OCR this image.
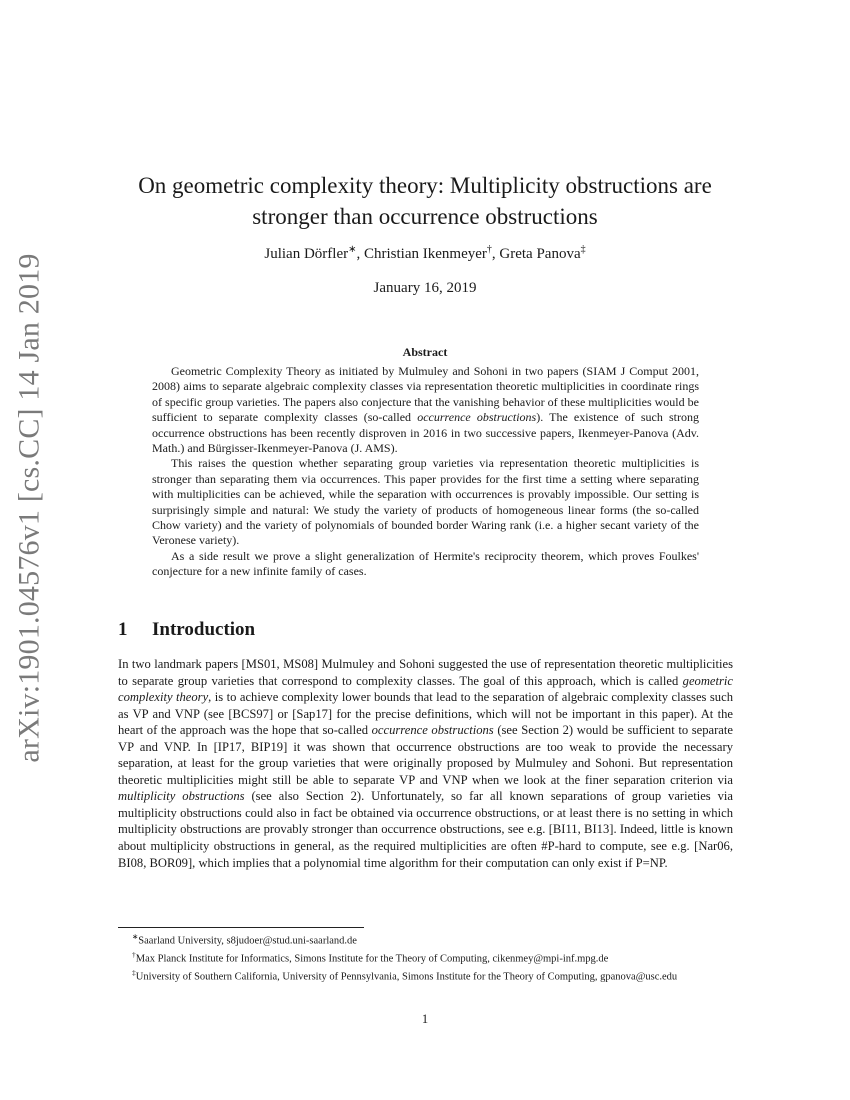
arXiv:1901.04576v1 [cs.CC] 14 Jan 2019
On geometric complexity theory: Multiplicity obstructions are
stronger than occurrence obstructions
Julian Dörfler∗, Christian Ikenmeyer†, Greta Panova‡
January 16, 2019
Abstract

Geometric Complexity Theory as initiated by Mulmuley and Sohoni in two papers (SIAM J Comput 2001, 2008) aims to separate algebraic complexity classes via representation theoretic multiplicities in coordinate rings of specific group varieties. The papers also conjecture that the vanishing behavior of these multiplicities would be sufficient to separate complexity classes (so-called occurrence obstructions). The existence of such strong occurrence obstructions has been recently disproven in 2016 in two successive papers, Ikenmeyer-Panova (Adv. Math.) and Bürgisser-Ikenmeyer-Panova (J. AMS).

This raises the question whether separating group varieties via representation theoretic multiplicities is stronger than separating them via occurrences. This paper provides for the first time a setting where separating with multiplicities can be achieved, while the separation with occurrences is provably impossible. Our setting is surprisingly simple and natural: We study the variety of products of homogeneous linear forms (the so-called Chow variety) and the variety of polynomials of bounded border Waring rank (i.e. a higher secant variety of the Veronese variety).

As a side result we prove a slight generalization of Hermite's reciprocity theorem, which proves Foulkes' conjecture for a new infinite family of cases.

1 Introduction

In two landmark papers [MS01, MS08] Mulmuley and Sohoni suggested the use of representation theoretic multiplicities to separate group varieties that correspond to complexity classes. The goal of this approach, which is called geometric complexity theory, is to achieve complexity lower bounds that lead to the separation of algebraic complexity classes such as VP and VNP (see [BCS97] or [Sap17] for the precise definitions, which will not be important in this paper). At the heart of the approach was the hope that so-called occurrence obstructions (see Section 2) would be sufficient to separate VP and VNP. In [IP17, BIP19] it was shown that occurrence obstructions are too weak to provide the necessary separation, at least for the group varieties that were originally proposed by Mulmuley and Sohoni. But representation theoretic multiplicities might still be able to separate VP and VNP when we look at the finer separation criterion via multiplicity obstructions (see also Section 2). Unfortunately, so far all known separations of group varieties via multiplicity obstructions could also in fact be obtained via occurrence obstructions, or at least there is no setting in which multiplicity obstructions are provably stronger than occurrence obstructions, see e.g. [BI11, BI13]. Indeed, little is known about multiplicity obstructions in general, as the required multiplicities are often #P-hard to compute, see e.g. [Nar06, BI08, BOR09], which implies that a polynomial time algorithm for their computation can only exist if P=NP.

∗Saarland University, s8judoer@stud.uni-saarland.de

†Max Planck Institute for Informatics, Simons Institute for the Theory of Computing, cikenmey@mpi-inf.mpg.de

‡University of Southern California, University of Pennsylvania, Simons Institute for the Theory of Computing, gpanova@usc.edu

1
